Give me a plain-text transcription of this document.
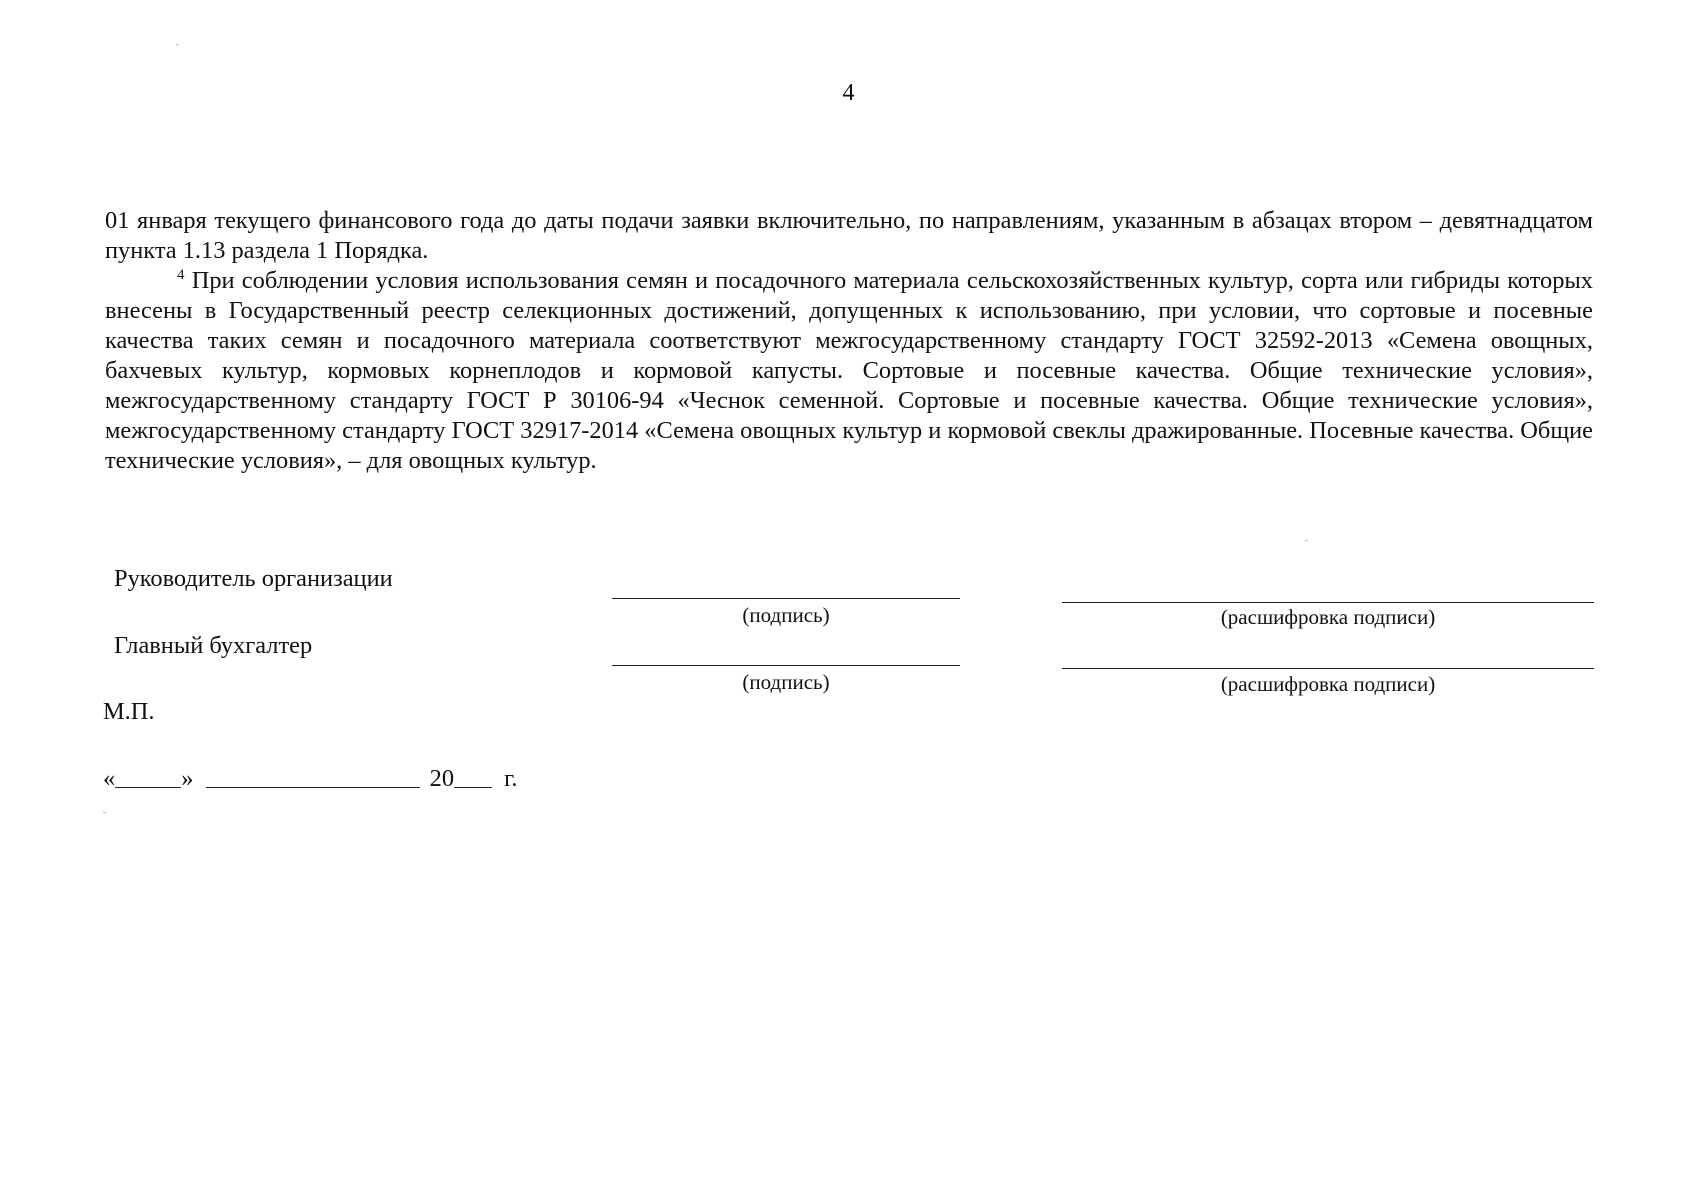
4

01 января текущего финансового года до даты подачи заявки включительно, по направлениям, указанным в абзацах втором – девятнадцатом пункта 1.13 раздела 1 Порядка.

$^4$ При соблюдении условия использования семян и посадочного материала сельскохозяйственных культур, сорта или гибриды которых внесены в Государственный реестр селекционных достижений, допущенных к использованию, при условии, что сортовые и посевные качества таких семян и посадочного материала соответствуют межгосударственному стандарту ГОСТ 32592-2013 «Семена овощных, бахчевых культур, кормовых корнеплодов и кормовой капусты. Сортовые и посевные качества. Общие технические условия», межгосударственному стандарту ГОСТ Р 30106-94 «Чеснок семенной. Сортовые и посевные качества. Общие технические условия», межгосударственному стандарту ГОСТ 32917-2014 «Семена овощных культур и кормовой свеклы дражированные. Посевные качества. Общие технические условия», – для овощных культур.

Руководитель организации
(подпись)	(расшифровка подписи)
Главный бухгалтер
(подпись)	(расшифровка подписи)
М.П.
«	»	20 г.
